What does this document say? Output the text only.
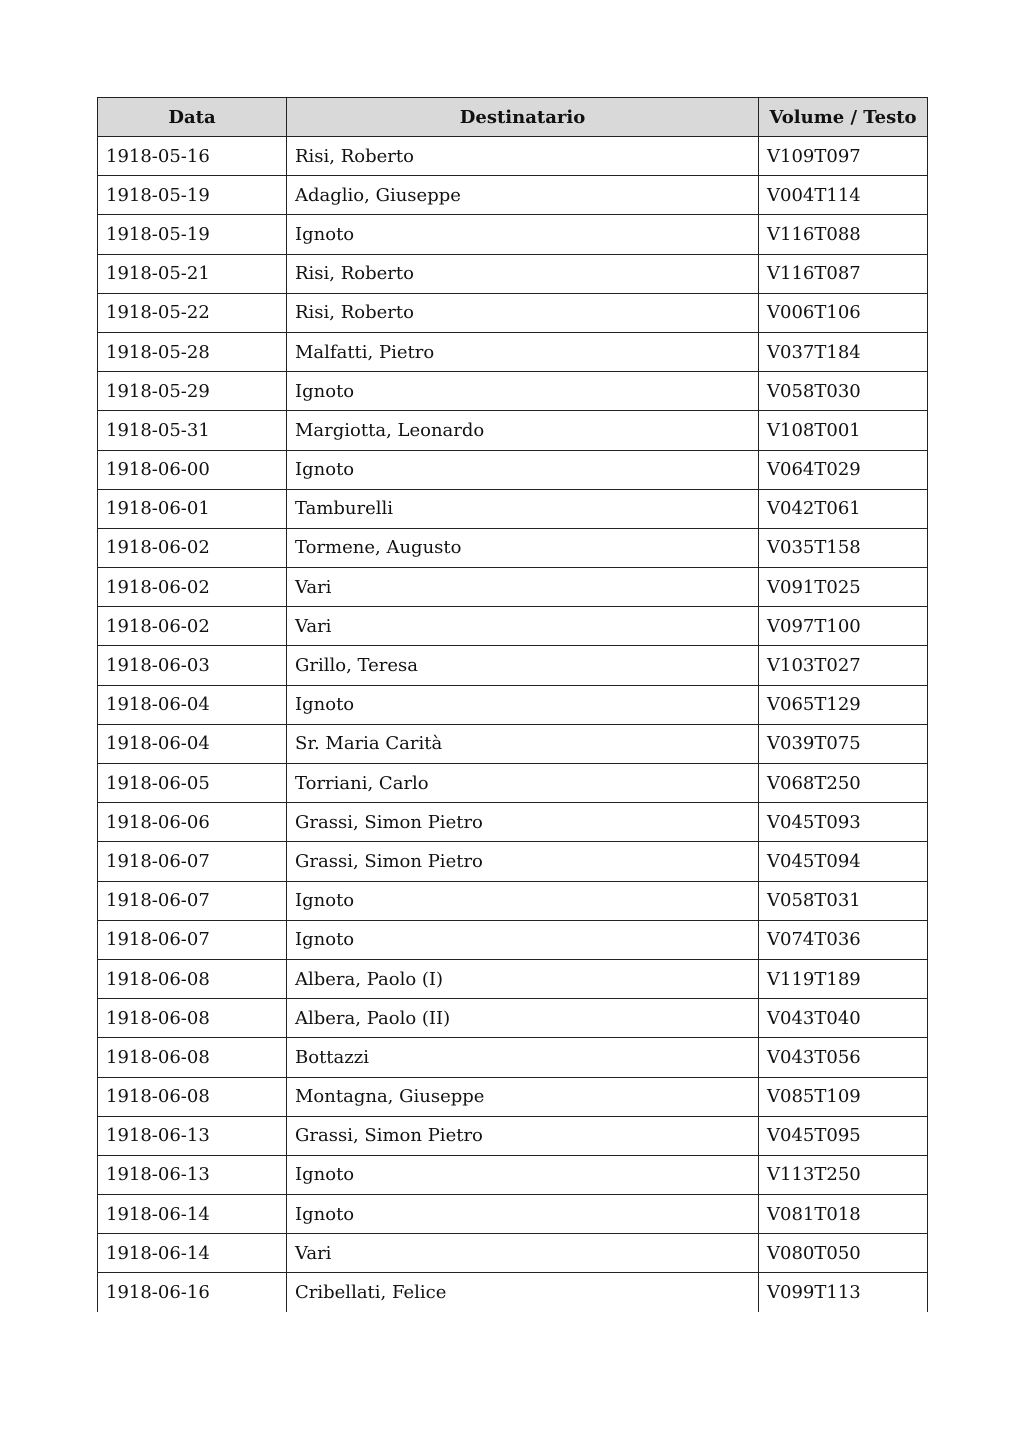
Data	Destinatario	Volume / Testo
1918-05-16	Risi, Roberto	V109T097
1918-05-19	Adaglio, Giuseppe	V004T114
1918-05-19	Ignoto	V116T088
1918-05-21	Risi, Roberto	V116T087
1918-05-22	Risi, Roberto	V006T106
1918-05-28	Malfatti, Pietro	V037T184
1918-05-29	Ignoto	V058T030
1918-05-31	Margiotta, Leonardo	V108T001
1918-06-00	Ignoto	V064T029
1918-06-01	Tamburelli	V042T061
1918-06-02	Tormene, Augusto	V035T158
1918-06-02	Vari	V091T025
1918-06-02	Vari	V097T100
1918-06-03	Grillo, Teresa	V103T027
1918-06-04	Ignoto	V065T129
1918-06-04	Sr. Maria Carità	V039T075
1918-06-05	Torriani, Carlo	V068T250
1918-06-06	Grassi, Simon Pietro	V045T093
1918-06-07	Grassi, Simon Pietro	V045T094
1918-06-07	Ignoto	V058T031
1918-06-07	Ignoto	V074T036
1918-06-08	Albera, Paolo (I)	V119T189
1918-06-08	Albera, Paolo (II)	V043T040
1918-06-08	Bottazzi	V043T056
1918-06-08	Montagna, Giuseppe	V085T109
1918-06-13	Grassi, Simon Pietro	V045T095
1918-06-13	Ignoto	V113T250
1918-06-14	Ignoto	V081T018
1918-06-14	Vari	V080T050
1918-06-16	Cribellati, Felice	V099T113
